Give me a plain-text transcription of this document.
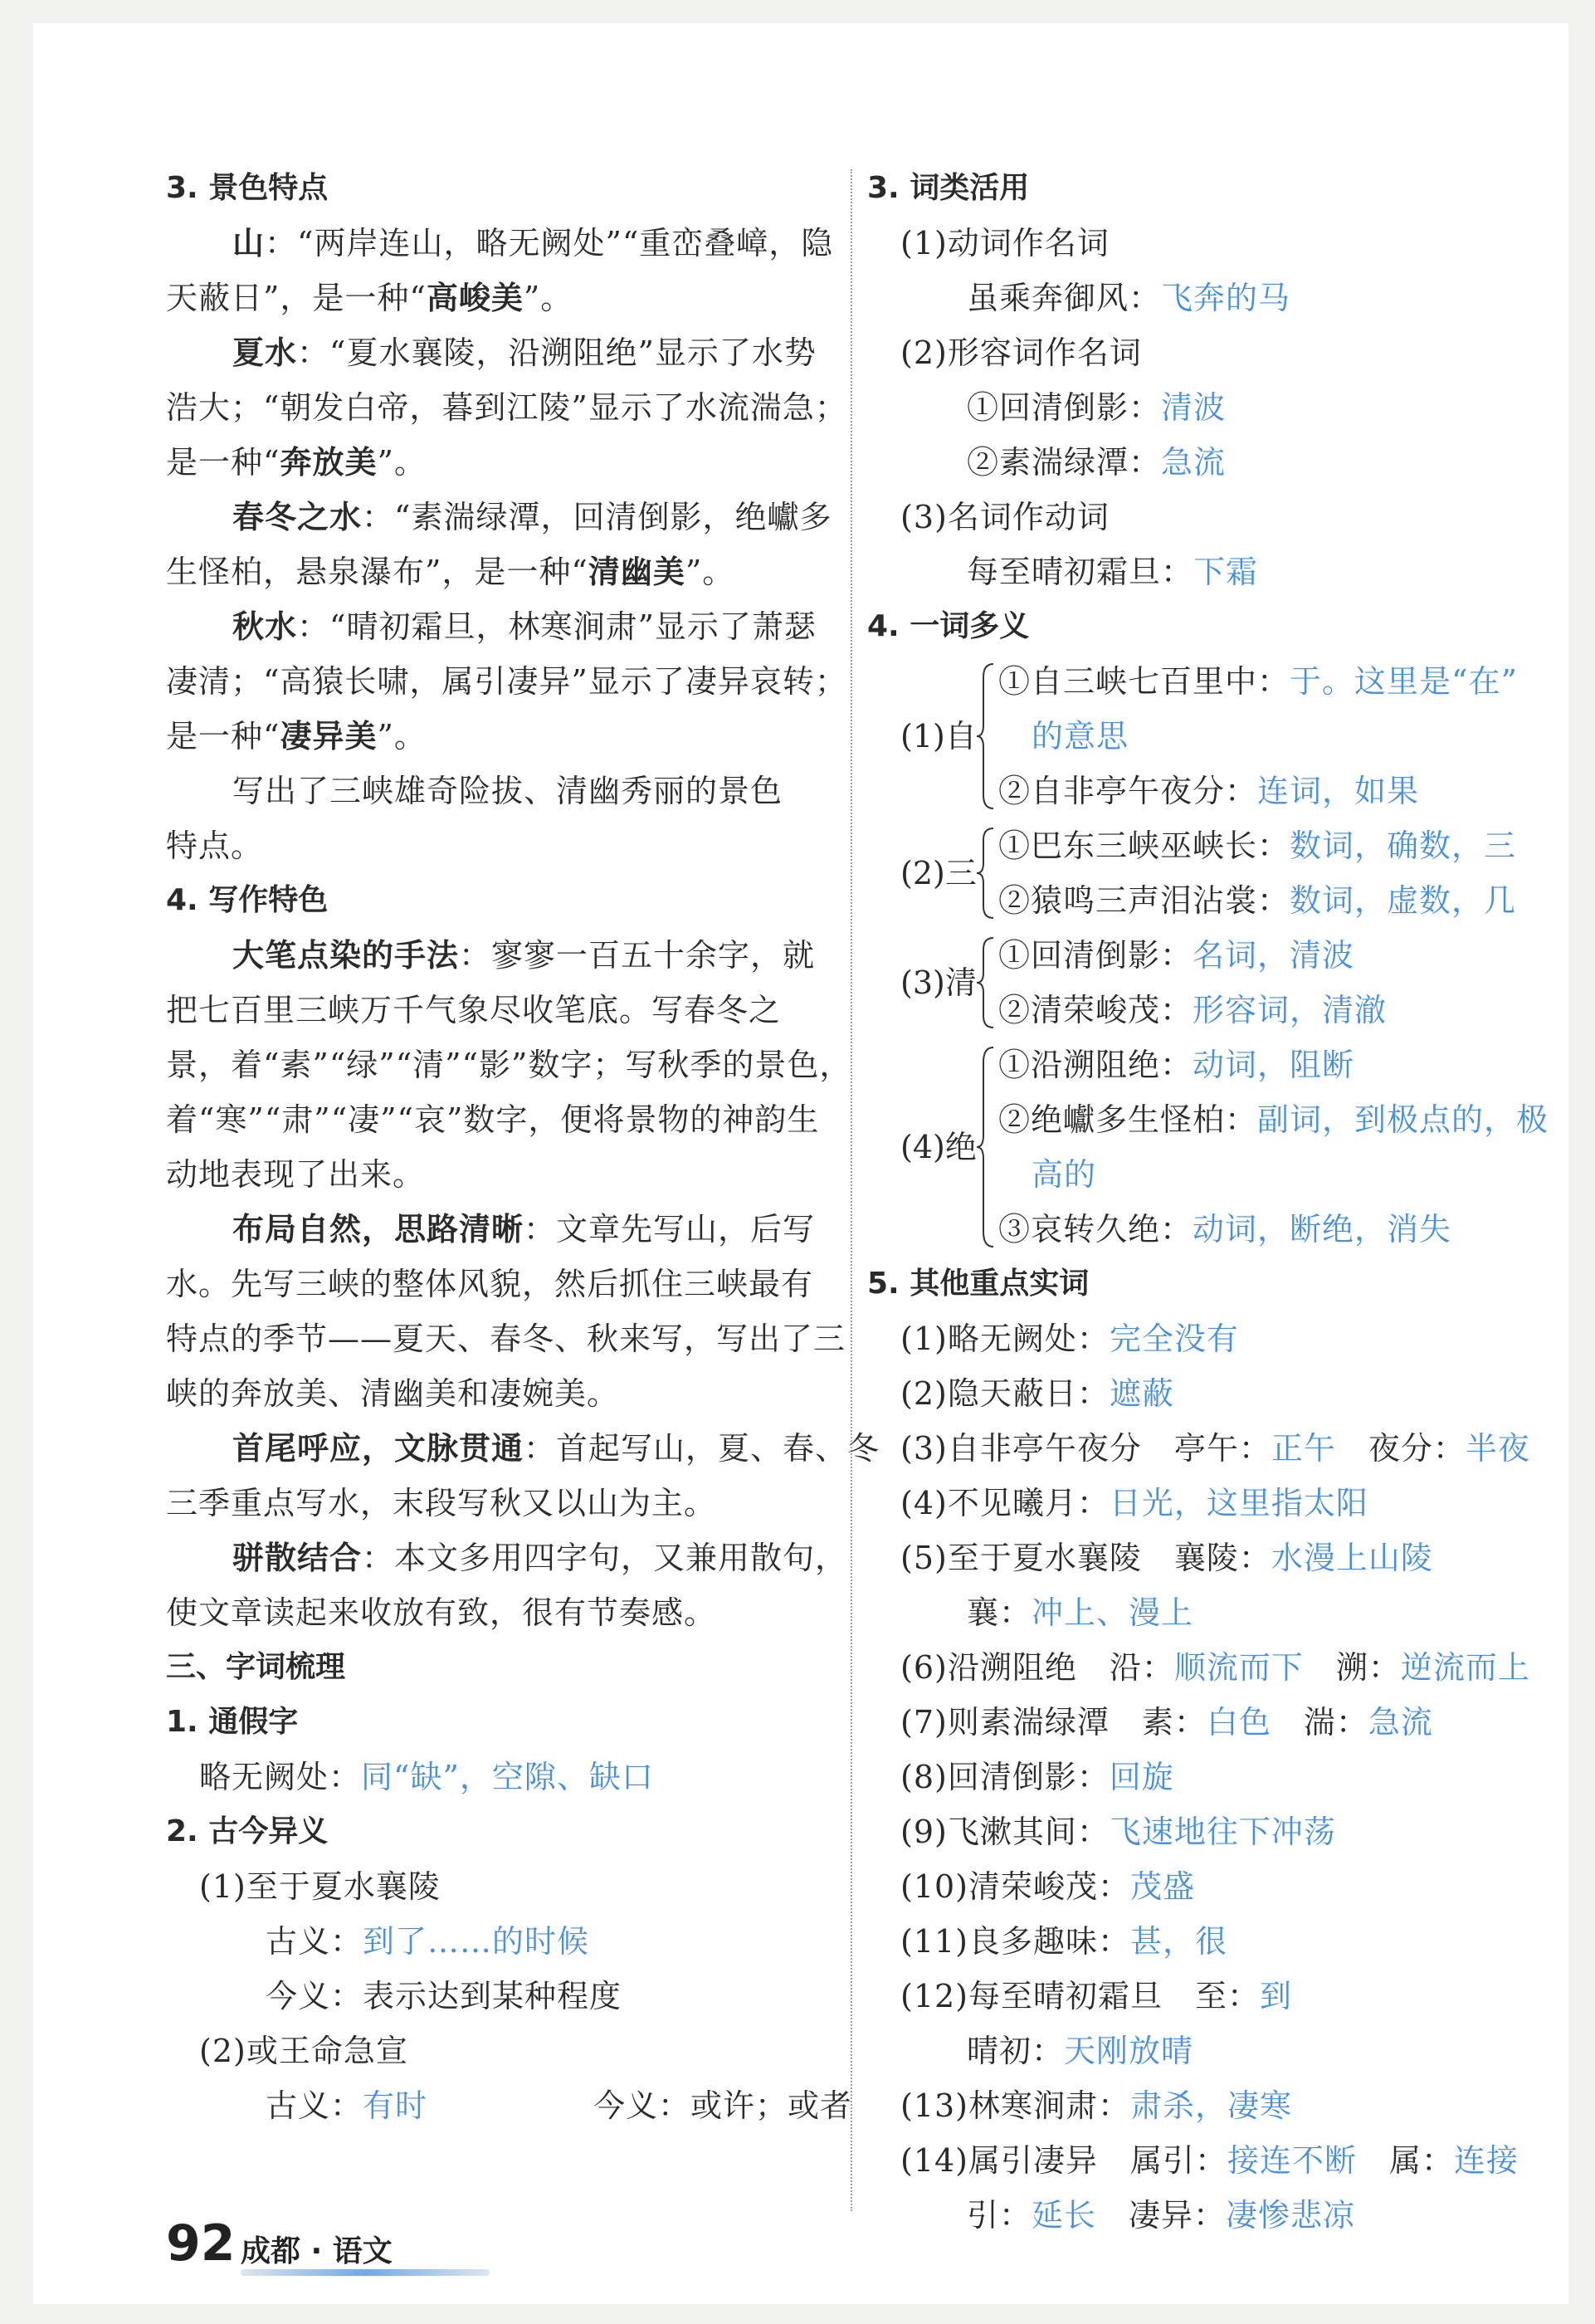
3. 景色特点
山：“两岸连山，略无阙处”“重峦叠嶂，隐
天蔽日”，是一种“高峻美”。
夏水：“夏水襄陵，沿溯阻绝”显示了水势
浩大；“朝发白帝，暮到江陵”显示了水流湍急；
是一种“奔放美”。
春冬之水：“素湍绿潭，回清倒影，绝巘多
生怪柏，悬泉瀑布”，是一种“清幽美”。
秋水：“晴初霜旦，林寒涧肃”显示了萧瑟
凄清；“高猿长啸，属引凄异”显示了凄异哀转；
是一种“凄异美”。
写出了三峡雄奇险拔、清幽秀丽的景色
特点。
4. 写作特色
大笔点染的手法：寥寥一百五十余字，就
把七百里三峡万千气象尽收笔底。写春冬之
景，着“素”“绿”“清”“影”数字；写秋季的景色，
着“寒”“肃”“凄”“哀”数字，便将景物的神韵生
动地表现了出来。
布局自然，思路清晰：文章先写山，后写
水。先写三峡的整体风貌，然后抓住三峡最有
特点的季节——夏天、春冬、秋来写，写出了三
峡的奔放美、清幽美和凄婉美。
首尾呼应，文脉贯通：首起写山，夏、春、冬
三季重点写水，末段写秋又以山为主。
骈散结合：本文多用四字句，又兼用散句，
使文章读起来收放有致，很有节奏感。
三、字词梳理
1. 通假字
略无阙处：同“缺”，空隙、缺口
2. 古今异义
(1)至于夏水襄陵
古义：到了……的时候
今义：表示达到某种程度
(2)或王命急宣
古义：有时	今义：或许；或者
3. 词类活用
(1)动词作名词
虽乘奔御风：飞奔的马
(2)形容词作名词
①回清倒影：清波
②素湍绿潭：急流
(3)名词作动词
每至晴初霜旦：下霜
4. 一词多义
(1)自
①自三峡七百里中：于。这里是“在”
的意思
②自非亭午夜分：连词，如果
(2)三
①巴东三峡巫峡长：数词，确数，三
②猿鸣三声泪沾裳：数词，虚数，几
(3)清
①回清倒影：名词，清波
②清荣峻茂：形容词，清澈
(4)绝
①沿溯阻绝：动词，阻断
②绝巘多生怪柏：副词，到极点的，极
高的
③哀转久绝：动词，断绝，消失
5. 其他重点实词
(1)略无阙处：完全没有
(2)隐天蔽日：遮蔽
(3)自非亭午夜分　亭午：正午　夜分：半夜
(4)不见曦月：日光，这里指太阳
(5)至于夏水襄陵　襄陵：水漫上山陵
襄：冲上、漫上
(6)沿溯阻绝　沿：顺流而下　溯：逆流而上
(7)则素湍绿潭　素：白色　湍：急流
(8)回清倒影：回旋
(9)飞漱其间：飞速地往下冲荡
(10)清荣峻茂：茂盛
(11)良多趣味：甚，很
(12)每至晴初霜旦　至：到
晴初：天刚放晴
(13)林寒涧肃：肃杀，凄寒
(14)属引凄异　属引：接连不断　属：连接
引：延长　凄异：凄惨悲凉
92 成都 · 语文
